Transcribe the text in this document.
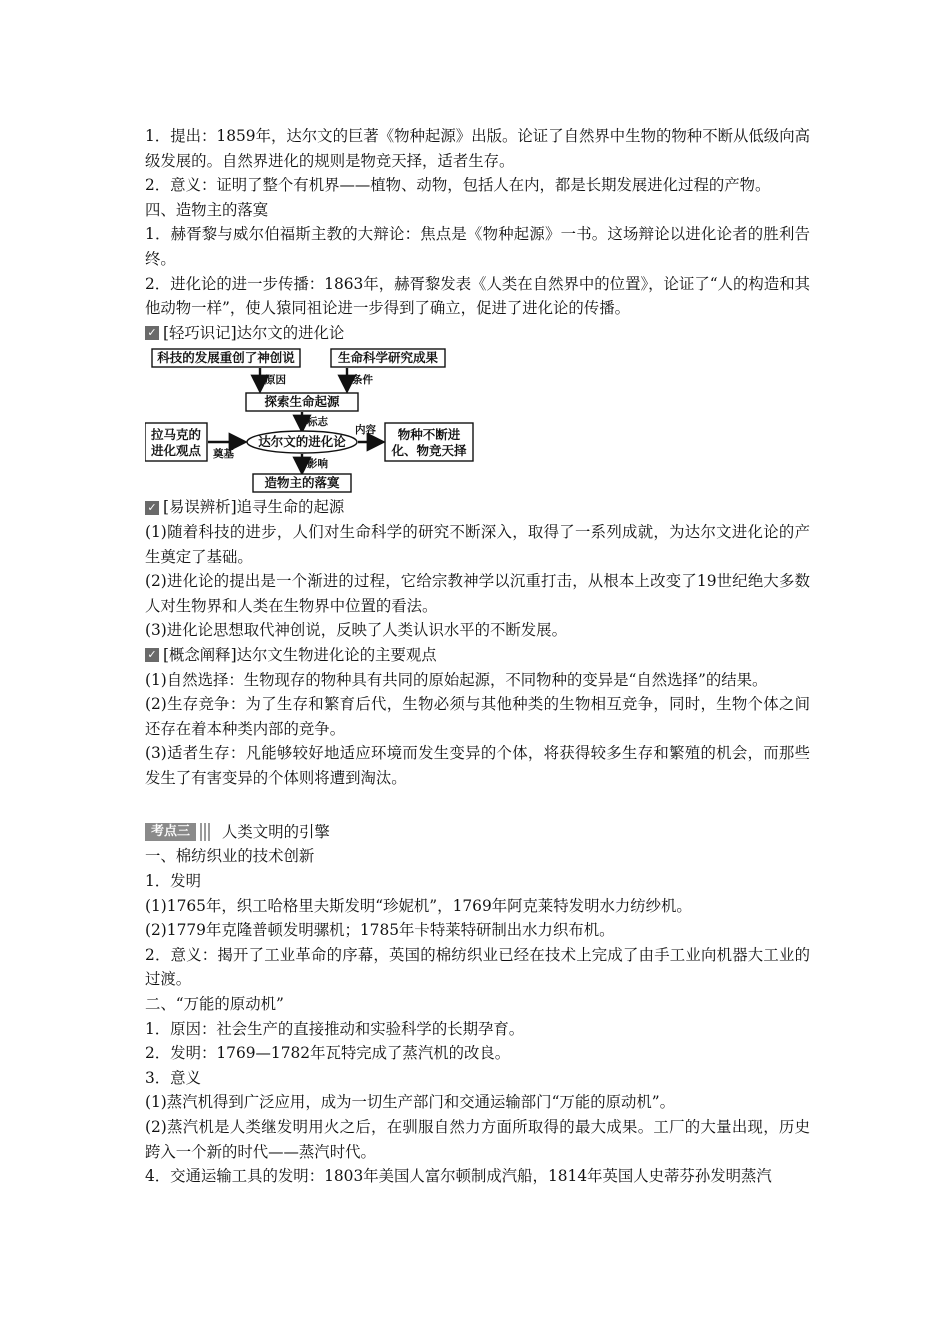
1．提出：1859年，达尔文的巨著《物种起源》出版。论证了自然界中生物的物种不断从低级向高级发展的。自然界进化的规则是物竞天择，适者生存。

2．意义：证明了整个有机界——植物、动物，包括人在内，都是长期发展进化过程的产物。

四、造物主的落寞

1．赫胥黎与威尔伯福斯主教的大辩论：焦点是《物种起源》一书。这场辩论以进化论者的胜利告终。

2．进化论的进一步传播：1863年，赫胥黎发表《人类在自然界中的位置》，论证了“人的构造和其他动物一样”，使人猿同祖论进一步得到了确立，促进了进化论的传播。

✓ [轻巧识记]达尔文的进化论
科技的发展重创了神创说	生命科学研究成果
原因	条件
探索生命起源
标志
达尔文的进化论
拉马克的
进化观点 奠基
物种不断进
化、物竞天择
内容
影响
造物主的落寞
✓ [易误辨析]追寻生命的起源

(1)随着科技的进步，人们对生命科学的研究不断深入，取得了一系列成就，为达尔文进化论的产生奠定了基础。

(2)进化论的提出是一个渐进的过程，它给宗教神学以沉重打击，从根本上改变了19世纪绝大多数人对生物界和人类在生物界中位置的看法。

(3)进化论思想取代神创说，反映了人类认识水平的不断发展。

✓ [概念阐释]达尔文生物进化论的主要观点

(1)自然选择：生物现存的物种具有共同的原始起源，不同物种的变异是“自然选择”的结果。

(2)生存竞争：为了生存和繁育后代，生物必须与其他种类的生物相互竞争，同时，生物个体之间还存在着本种类内部的竞争。

(3)适者生存：凡能够较好地适应环境而发生变异的个体，将获得较多生存和繁殖的机会，而那些发生了有害变异的个体则将遭到淘汰。

考点三	人类文明的引擎

一、棉纺织业的技术创新

1．发明

(1)1765年，织工哈格里夫斯发明“珍妮机”，1769年阿克莱特发明水力纺纱机。

(2)1779年克隆普顿发明骡机；1785年卡特莱特研制出水力织布机。

2．意义：揭开了工业革命的序幕，英国的棉纺织业已经在技术上完成了由手工业向机器大工业的过渡。

二、“万能的原动机”

1．原因：社会生产的直接推动和实验科学的长期孕育。

2．发明：1769—1782年瓦特完成了蒸汽机的改良。

3．意义

(1)蒸汽机得到广泛应用，成为一切生产部门和交通运输部门“万能的原动机”。

(2)蒸汽机是人类继发明用火之后，在驯服自然力方面所取得的最大成果。工厂的大量出现，历史跨入一个新的时代——蒸汽时代。

4．交通运输工具的发明：1803年美国人富尔顿制成汽船，1814年英国人史蒂芬孙发明蒸汽
